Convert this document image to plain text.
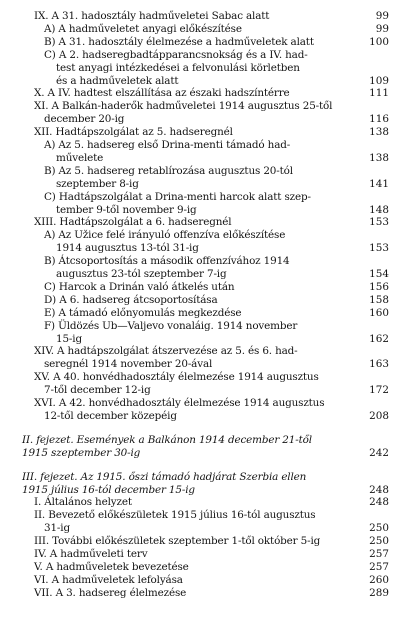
IX. A 31. hadosztály hadműveletei Sabac alatt	99
A) A hadműveletet anyagi előkészítése	99
B) A 31. hadosztály élelmezése a hadműveletek alatt	100
C) A 2. hadseregbadtápparancsnokság és a IV. had-
test anyagi intézkedései a felvonulási körletben
és a hadműveletek alatt	109
X. A IV. hadtest elszállítása az északi hadszíntérre	111
XI. A Balkán-haderők hadműveletei 1914 augusztus 25-től
december 20-ig	116
XII. Hadtápszolgálat az 5. hadseregnél	138
A) Az 5. hadsereg első Drina-menti támadó had-
művelete	138
B) Az 5. hadsereg retablírozása augusztus 20-tól
szeptember 8-ig	141
C) Hadtápszolgálat a Drina-menti harcok alatt szep-
tember 9-től november 9-ig	148
XIII. Hadtápszolgálat a 6. hadseregnél	153
A) Az Užice felé irányuló offenzíva előkészítése
1914 augusztus 13-tól 31-ig	153
B) Átcsoportosítás a második offenzívához 1914
augusztus 23-tól szeptember 7-ig	154
C) Harcok a Drinán való átkelés után	156
D) A 6. hadsereg átcsoportosítása	158
E) A támadó előnyomulás megkezdése	160
F) Üldözés Ub—Valjevo vonaláig. 1914 november
15-ig	162
XIV. A hadtápszolgálat átszervezése az 5. és 6. had-
seregnél 1914 november 20-ával	163
XV. A 40. honvédhadosztály élelmezése 1914 augusztus
7-től december 12-ig	172
XVI. A 42. honvédhadosztály élelmezése 1914 augusztus
12-től december közepéig	208
II. fejezet. Események a Balkánon 1914 december 21-től
1915 szeptember 30-ig	242
III. fejezet. Az 1915. őszi támadó hadjárat Szerbia ellen
1915 július 16-tól december 15-ig	248
I. Általános helyzet	248
II. Bevezető előkészületek 1915 július 16-tól augusztus
31-ig	250
III. További előkészületek szeptember 1-től október 5-ig	250
IV. A hadműveleti terv	257
V. A hadműveletek bevezetése	257
VI. A hadműveletek lefolyása	260
VII. A 3. hadsereg élelmezése	289
